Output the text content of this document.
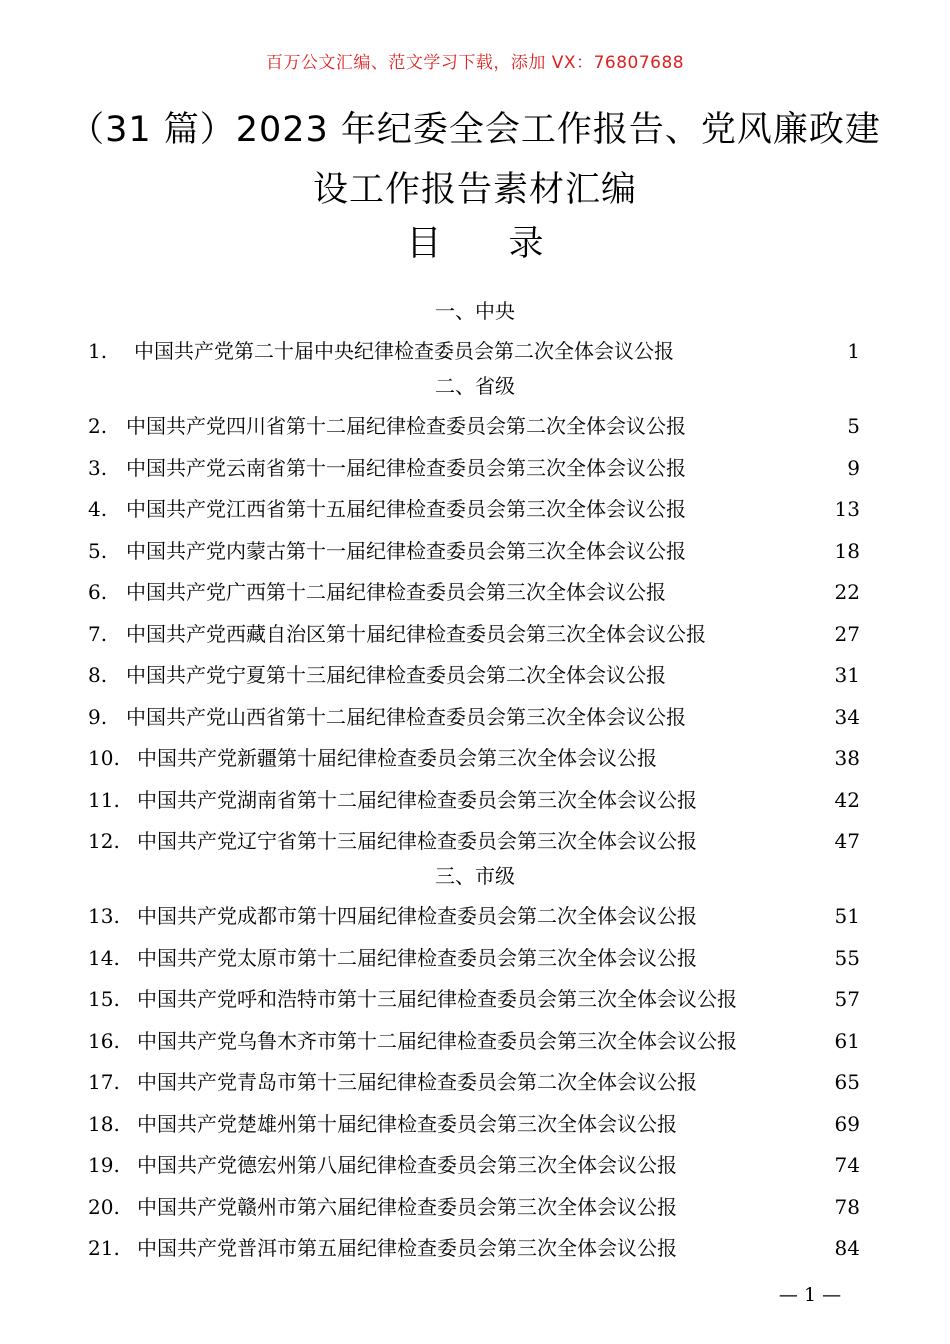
百万公文汇编、范文学习下载，添加 VX：76807688
（31 篇）2023 年纪委全会工作报告、党风廉政建
设工作报告素材汇编
目 录
一、中央
1. 中国共产党第二十届中央纪律检查委员会第二次全体会议公报	1
二、省级
2. 中国共产党四川省第十二届纪律检查委员会第二次全体会议公报	5
3. 中国共产党云南省第十一届纪律检查委员会第三次全体会议公报	9
4. 中国共产党江西省第十五届纪律检查委员会第三次全体会议公报	13
5. 中国共产党内蒙古第十一届纪律检查委员会第三次全体会议公报	18
6. 中国共产党广西第十二届纪律检查委员会第三次全体会议公报	22
7. 中国共产党西藏自治区第十届纪律检查委员会第三次全体会议公报	27
8. 中国共产党宁夏第十三届纪律检查委员会第二次全体会议公报	31
9. 中国共产党山西省第十二届纪律检查委员会第三次全体会议公报	34
10. 中国共产党新疆第十届纪律检查委员会第三次全体会议公报	38
11. 中国共产党湖南省第十二届纪律检查委员会第三次全体会议公报	42
12. 中国共产党辽宁省第十三届纪律检查委员会第三次全体会议公报	47
三、市级
13. 中国共产党成都市第十四届纪律检查委员会第二次全体会议公报	51
14. 中国共产党太原市第十二届纪律检查委员会第三次全体会议公报	55
15. 中国共产党呼和浩特市第十三届纪律检查委员会第三次全体会议公报	57
16. 中国共产党乌鲁木齐市第十二届纪律检查委员会第三次全体会议公报	61
17. 中国共产党青岛市第十三届纪律检查委员会第二次全体会议公报	65
18. 中国共产党楚雄州第十届纪律检查委员会第三次全体会议公报	69
19. 中国共产党德宏州第八届纪律检查委员会第三次全体会议公报	74
20. 中国共产党赣州市第六届纪律检查委员会第三次全体会议公报	78
21. 中国共产党普洱市第五届纪律检查委员会第三次全体会议公报	84
— 1 —
